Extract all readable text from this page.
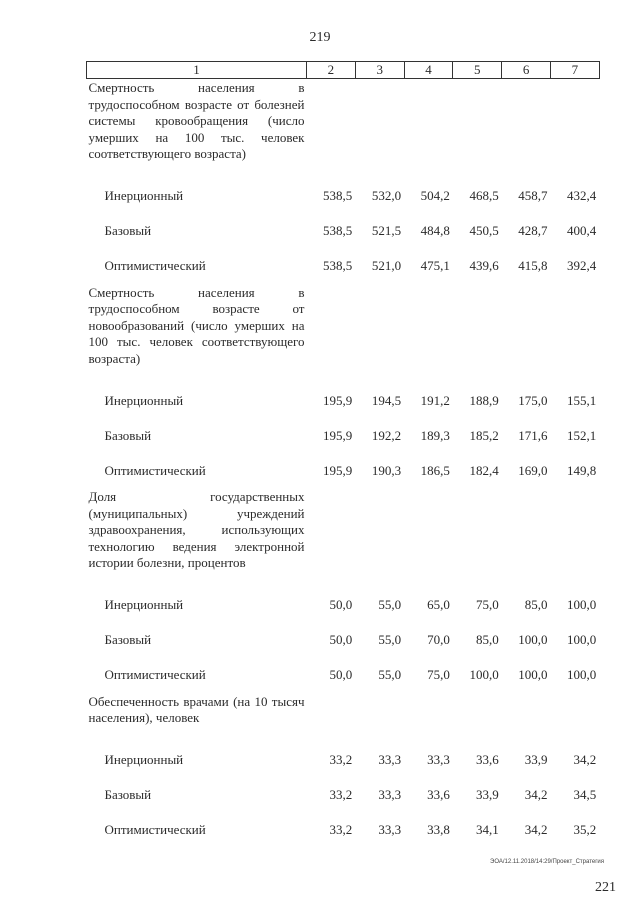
219
1	2	3	4	5	6	7
Смертность населения в трудоспособном возрасте от болезней системы кровообращения (число умерших на 100 тыс. человек соответствующего возраста)						

Инерционный	538,5	532,0	504,2	468,5	458,7	432,4
Базовый	538,5	521,5	484,8	450,5	428,7	400,4
Оптимистический	538,5	521,0	475,1	439,6	415,8	392,4
Смертность населения в трудоспособном возрасте от новообразований (число умерших на 100 тыс. человек соответствующего возраста)						

Инерционный	195,9	194,5	191,2	188,9	175,0	155,1
Базовый	195,9	192,2	189,3	185,2	171,6	152,1
Оптимистический	195,9	190,3	186,5	182,4	169,0	149,8
Доля государственных (муниципальных) учреждений здравоохранения, использующих технологию ведения электронной истории болезни, процентов						

Инерционный	50,0	55,0	65,0	75,0	85,0	100,0
Базовый	50,0	55,0	70,0	85,0	100,0	100,0
Оптимистический	50,0	55,0	75,0	100,0	100,0	100,0
Обеспеченность врачами (на 10 тысяч населения), человек						

Инерционный	33,2	33,3	33,3	33,6	33,9	34,2
Базовый	33,2	33,3	33,6	33,9	34,2	34,5
Оптимистический	33,2	33,3	33,8	34,1	34,2	35,2
ЭОА/12.11.2018/14:29/Проект_Стратегия
221
